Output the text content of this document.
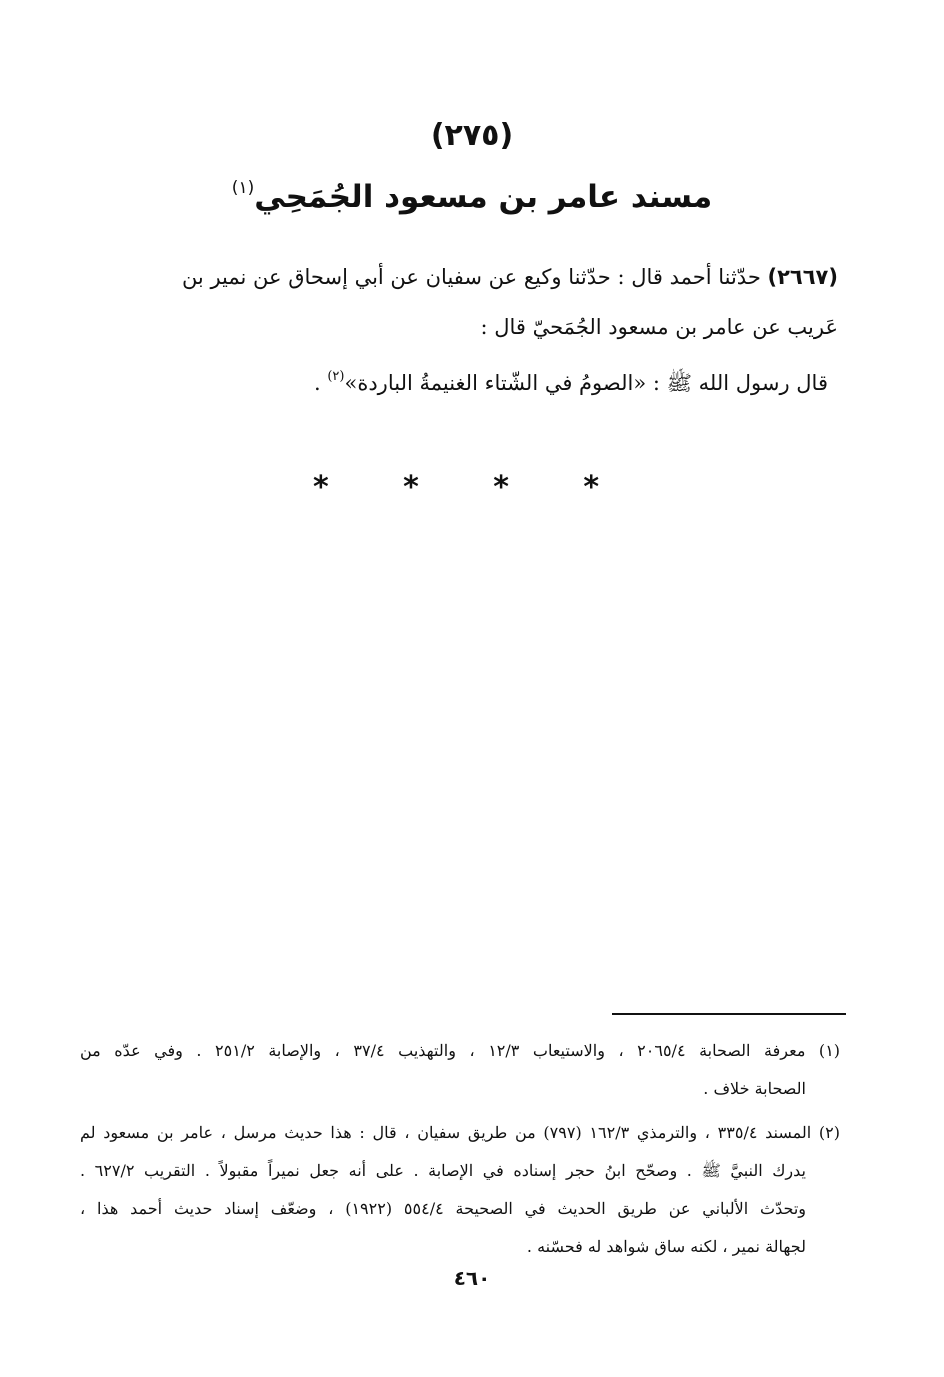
(٢٧٥)
مسند عامر بن مسعود الجُمَحِي$^{(١)}$

(٢٦٦٧) حدّثنا أحمد قال : حدّثنا وكيع عن سفيان عن أبي إسحاق عن نمير بن

عَريب عن عامر بن مسعود الجُمَحيّ قال :

قال رسول الله ﷺ : «الصومُ في الشّتاء الغنيمةُ الباردة»$^{(٢)}$ .

* * * *
(١) معرفة الصحابة ٢٠٦٥/٤ ، والاستيعاب ١٢/٣ ، والتهذيب ٣٧/٤ ، والإصابة ٢٥١/٢ . وفي عدّه من
الصحابة خلاف .
(٢) المسند ٣٣٥/٤ ، والترمذي ١٦٢/٣ (٧٩٧) من طريق سفيان ، قال : هذا حديث مرسل ، عامر بن مسعود لم
يدرك النبيَّ ﷺ . وصحّح ابنُ حجر إسناده في الإصابة . على أنه جعل نميراً مقبولاً . التقريب ٦٢٧/٢ .
وتحدّث الألباني عن طريق الحديث في الصحيحة ٥٥٤/٤ (١٩٢٢) ، وضعّف إسناد حديث أحمد هذا ،
لجهالة نمير ، لكنه ساق شواهد له فحسّنه .
٤٦٠
